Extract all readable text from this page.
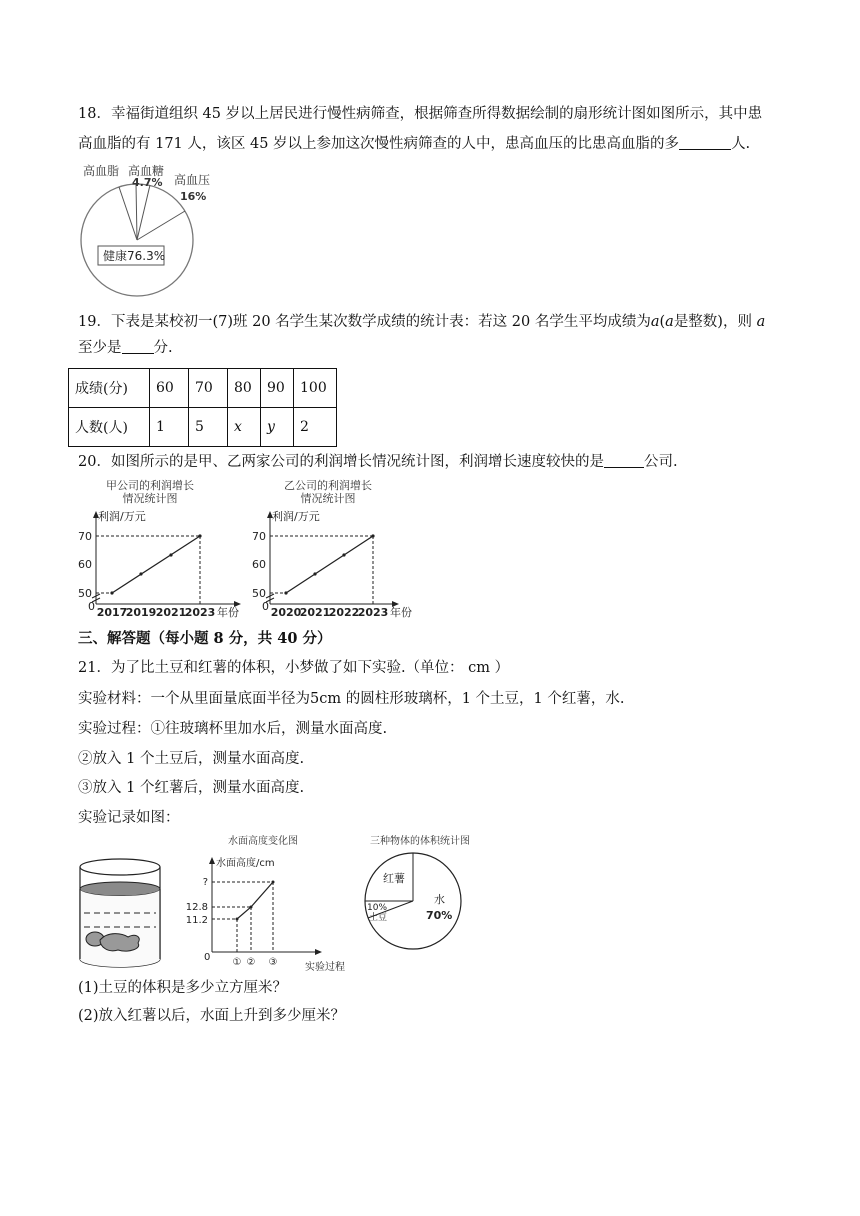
18．幸福街道组织 45 岁以上居民进行慢性病筛查，根据筛查所得数据绘制的扇形统计图如图所示，其中患
高血脂的有 171 人，该区 45 岁以上参加这次慢性病筛查的人中，患高血压的比患高血脂的多	人.
高血脂 高血糖
4.7% 高血压
16%
健康76.3%
19．下表是某校初一(7)班 20 名学生某次数学成绩的统计表：若这 20 名学生平均成绩为a(a是整数)，则 a
至少是 分.
成绩(分)	60	70	80	90	100
人数(人)	1	5	x	y	2
20．如图所示的是甲、乙两家公司的利润增长情况统计图，利润增长速度较快的是	公司.
甲公司的利润增长
情况统计图
利润/万元
70
60
50
0 2017
2019 2021
2023 年份
乙公司的利润增长
情况统计图
利润/万元
70
60
50
0 2020
2021
2022
2023 年份
三、解答题（每小题 8 分，共 40 分）
21．为了比土豆和红薯的体积，小梦做了如下实验.（单位： cm ）
实验材料：一个从里面量底面半径为5cm 的圆柱形玻璃杯，1 个土豆，1 个红薯，水.
实验过程：①往玻璃杯里加水后，测量水面高度.
②放入 1 个土豆后，测量水面高度.
③放入 1 个红薯后，测量水面高度.
实验记录如图：
水面高度变化图
水面高度/cm
?
12.8
11.2
0 ① ② ③	实验过程
三种物体的体积统计图
红薯
水
70%
10%
土豆
(1)土豆的体积是多少立方厘米？
(2)放入红薯以后，水面上升到多少厘米？
